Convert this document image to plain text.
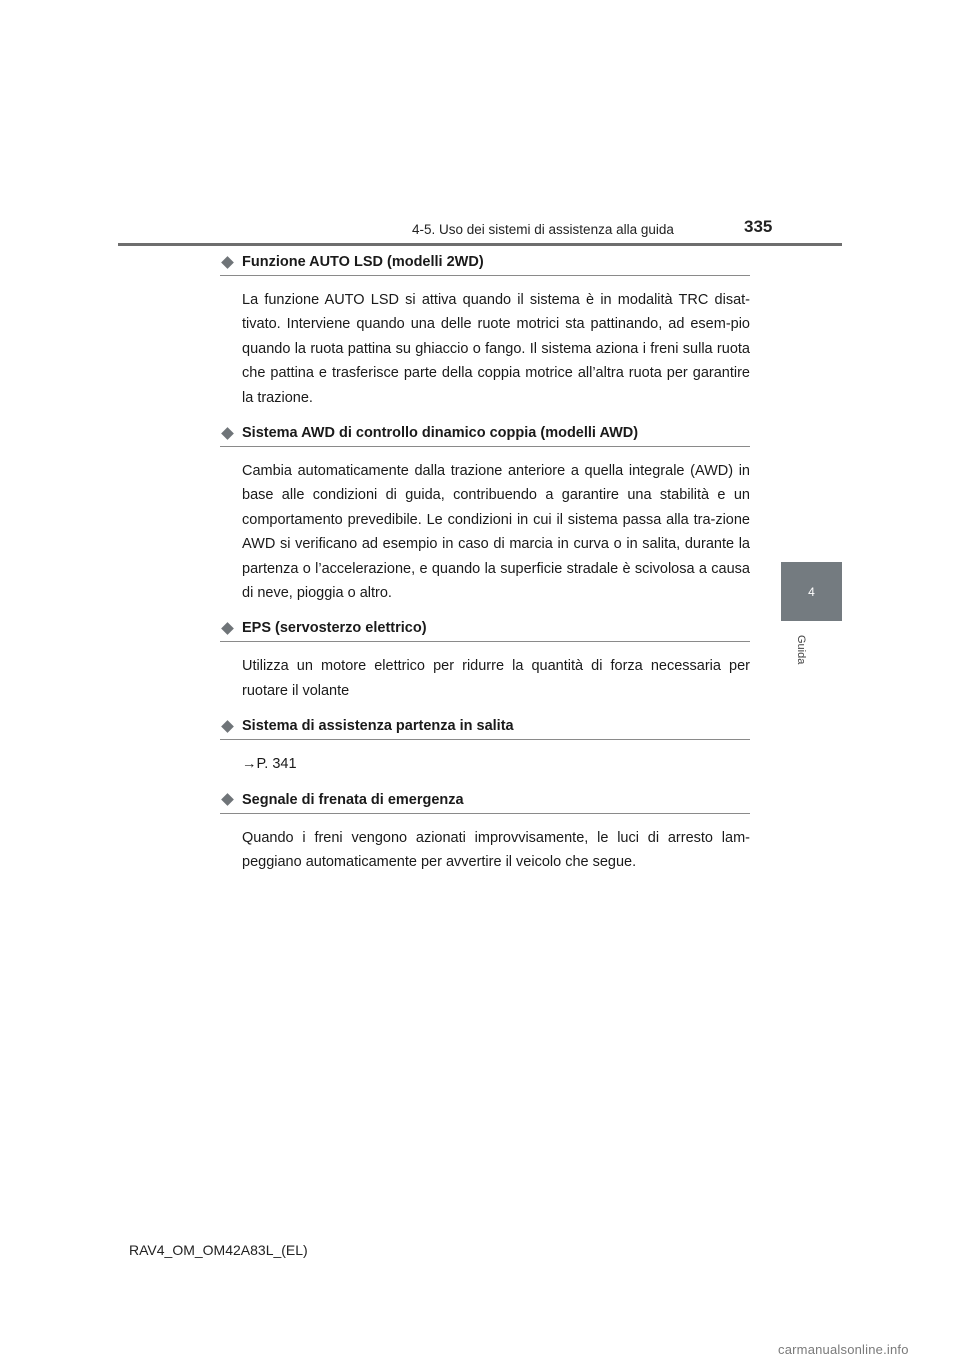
4-5. Uso dei sistemi di assistenza alla guida	335
4
Guida
Funzione AUTO LSD (modelli 2WD)
La funzione AUTO LSD si attiva quando il sistema è in modalità TRC disat-tivato. Interviene quando una delle ruote motrici sta pattinando, ad esem-pio quando la ruota pattina su ghiaccio o fango. Il sistema aziona i freni sulla ruota che pattina e trasferisce parte della coppia motrice all’altra ruota per garantire la trazione.
Sistema AWD di controllo dinamico coppia (modelli AWD)
Cambia automaticamente dalla trazione anteriore a quella integrale (AWD) in base alle condizioni di guida, contribuendo a garantire una stabilità e un comportamento prevedibile. Le condizioni in cui il sistema passa alla tra-zione AWD si verificano ad esempio in caso di marcia in curva o in salita, durante la partenza o l’accelerazione, e quando la superficie stradale è scivolosa a causa di neve, pioggia o altro.
EPS (servosterzo elettrico)
Utilizza un motore elettrico per ridurre la quantità di forza necessaria per ruotare il volante
Sistema di assistenza partenza in salita
→P. 341
Segnale di frenata di emergenza
Quando i freni vengono azionati improvvisamente, le luci di arresto lam-peggiano automaticamente per avvertire il veicolo che segue.
RAV4_OM_OM42A83L_(EL)
carmanualsonline.info
